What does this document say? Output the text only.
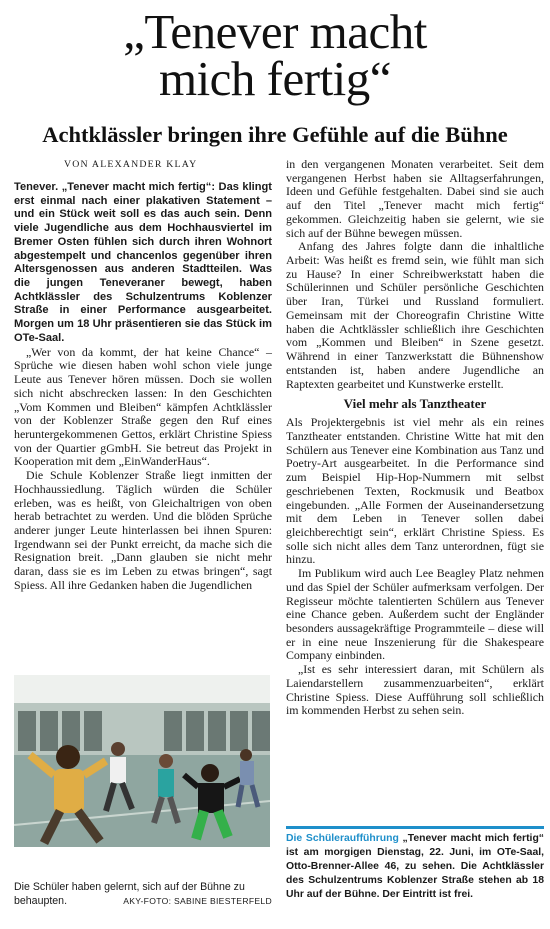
„Tenever macht
mich fertig“
Achtklässler bringen ihre Gefühle auf die Bühne
VON ALEXANDER KLAY

Tenever. „Tenever macht mich fertig“: Das klingt erst einmal nach einer plakativen Statement – und ein Stück weit soll es das auch sein. Denn viele Jugendliche aus dem Hochhausviertel im Bremer Osten fühlen sich durch ihren Wohnort abgestempelt und chancenlos gegenüber ihren Altersgenossen aus anderen Stadtteilen. Was die jungen Teneveraner bewegt, haben Achtklässler des Schulzentrums Koblenzer Straße in einer Performance ausgearbeitet. Morgen um 18 Uhr präsentieren sie das Stück im OTe-Saal.

„Wer von da kommt, der hat keine Chance“ – Sprüche wie diesen haben wohl schon viele junge Leute aus Tenever hören müssen. Doch sie wollen sich nicht abschrecken lassen: In den Geschichten „Vom Kommen und Bleiben“ kämpfen Achtklässler von der Koblenzer Straße gegen den Ruf eines heruntergekommenen Gettos, erklärt Christine Spiess von der Quartier gGmbH. Sie betreut das Projekt in Kooperation mit dem „EinWanderHaus“.

Die Schule Koblenzer Straße liegt inmitten der Hochhaussiedlung. Täglich würden die Schüler erleben, was es heißt, von Gleichaltrigen von oben herab betrachtet zu werden. Und die blöden Sprüche anderer junger Leute hinterlassen bei ihnen Spuren: Irgendwann sei der Punkt erreicht, da mache sich die Resignation breit. „Dann glauben sie nicht mehr daran, dass sie es im Leben zu etwas bringen“, sagt Spiess. All ihre Gedanken haben die Jugendlichen

Die Schüler haben gelernt, sich auf der Bühne zu behaupten.	AKY-FOTO: SABINE BIESTERFELD

in den vergangenen Monaten verarbeitet. Seit dem vergangenen Herbst haben sie Alltagserfahrungen, Ideen und Gefühle festgehalten. Dabei sind sie auch auf den Titel „Tenever macht mich fertig“ gekommen. Gleichzeitig haben sie gelernt, wie sie sich auf der Bühne bewegen müssen.

Anfang des Jahres folgte dann die inhaltliche Arbeit: Was heißt es fremd sein, wie fühlt man sich zu Hause? In einer Schreibwerkstatt haben die Schülerinnen und Schüler persönliche Geschichten über Iran, Türkei und Russland formuliert. Gemeinsam mit der Choreografin Christine Witte haben die Achtklässler schließlich ihre Geschichten vom „Kommen und Bleiben“ in Szene gesetzt. Während in einer Tanzwerkstatt die Bühnenshow entstanden ist, haben andere Jugendliche an Raptexten gearbeitet und Kunstwerke erstellt.

Viel mehr als Tanztheater

Als Projektergebnis ist viel mehr als ein reines Tanztheater entstanden. Christine Witte hat mit den Schülern aus Tenever eine Kombination aus Tanz und Poetry-Art ausgearbeitet. In die Performance sind zum Beispiel Hip-Hop-Nummern mit selbst geschriebenen Texten, Rockmusik und Beatbox eingebunden. „Alle Formen der Auseinandersetzung mit dem Leben in Tenever sollen dabei gleichberechtigt sein“, erklärt Christine Spiess. Es solle sich nicht alles dem Tanz unterordnen, fügt sie hinzu.

Im Publikum wird auch Lee Beagley Platz nehmen und das Spiel der Schüler aufmerksam verfolgen. Der Regisseur möchte talentierten Schülern aus Tenever eine Chance geben. Außerdem sucht der Engländer besonders aussagekräftige Programmteile – diese will er in eine neue Inszenierung für die Shakespeare Company einbinden.

„Ist es sehr interessiert daran, mit Schülern als Laiendarstellern zusammenzuarbeiten“, erklärt Christine Spiess. Diese Aufführung soll schließlich im kommenden Herbst zu sehen sein.

Die Schüleraufführung „Tenever macht mich fertig“ ist am morgigen Dienstag, 22. Juni, im OTe-Saal, Otto-Brenner-Allee 46, zu sehen. Die Achtklässler des Schulzentrums Koblenzer Straße stehen ab 18 Uhr auf der Bühne. Der Eintritt ist frei.
